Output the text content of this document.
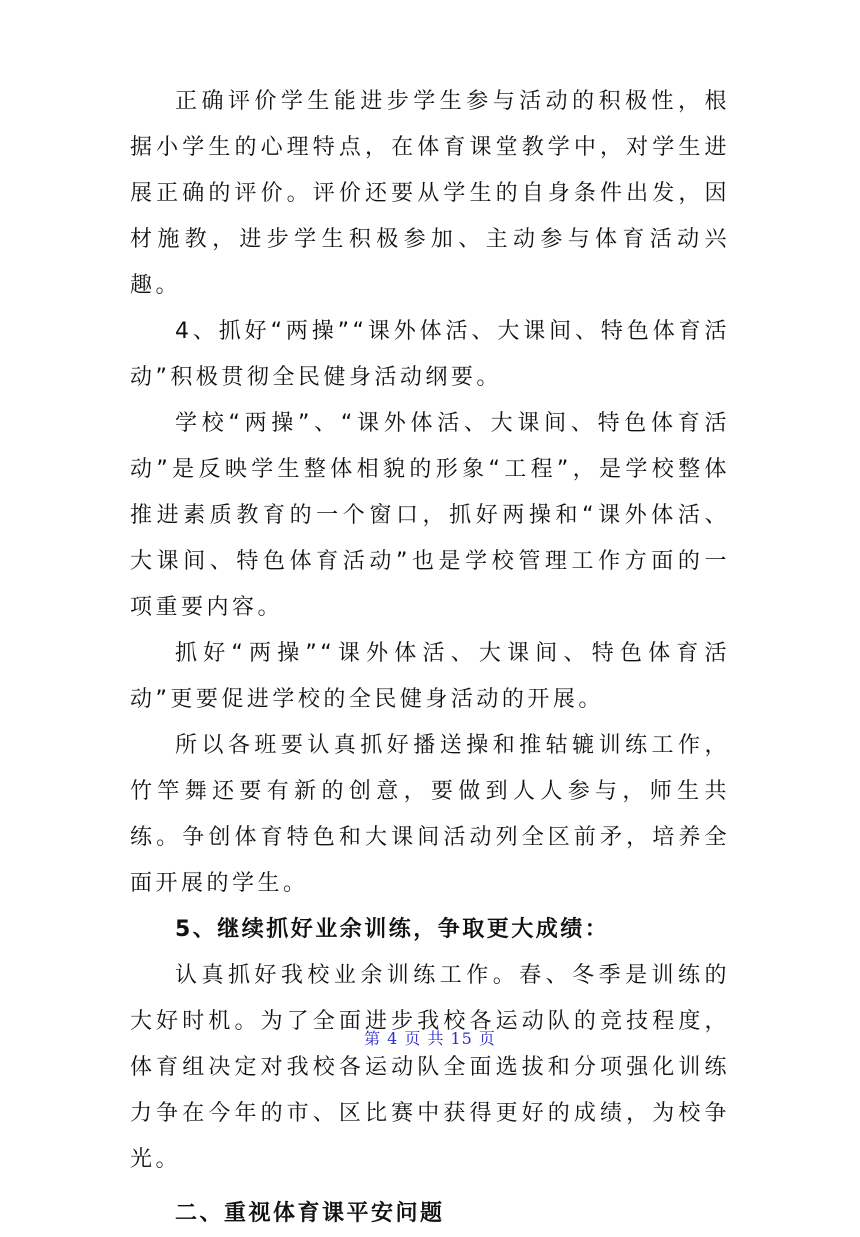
正确评价学生能进步学生参与活动的积极性，根据小学生的心理特点，在体育课堂教学中，对学生进展正确的评价。评价还要从学生的自身条件出发，因材施教，进步学生积极参加、主动参与体育活动兴趣。

4、抓好“两操”“课外体活、大课间、特色体育活动”积极贯彻全民健身活动纲要。

学校“两操”、“课外体活、大课间、特色体育活动”是反映学生整体相貌的形象“工程”，是学校整体推进素质教育的一个窗口，抓好两操和“课外体活、大课间、特色体育活动”也是学校管理工作方面的一项重要内容。

抓好“两操”“课外体活、大课间、特色体育活动”更要促进学校的全民健身活动的开展。

所以各班要认真抓好播送操和推轱辘训练工作，竹竿舞还要有新的创意，要做到人人参与，师生共练。争创体育特色和大课间活动列全区前矛，培养全面开展的学生。

5、继续抓好业余训练，争取更大成绩：

认真抓好我校业余训练工作。春、冬季是训练的大好时机。为了全面进步我校各运动队的竞技程度，体育组决定对我校各运动队全面选拔和分项强化训练力争在今年的市、区比赛中获得更好的成绩，为校争光。

二、重视体育课平安问题

第 4 页 共 15 页
